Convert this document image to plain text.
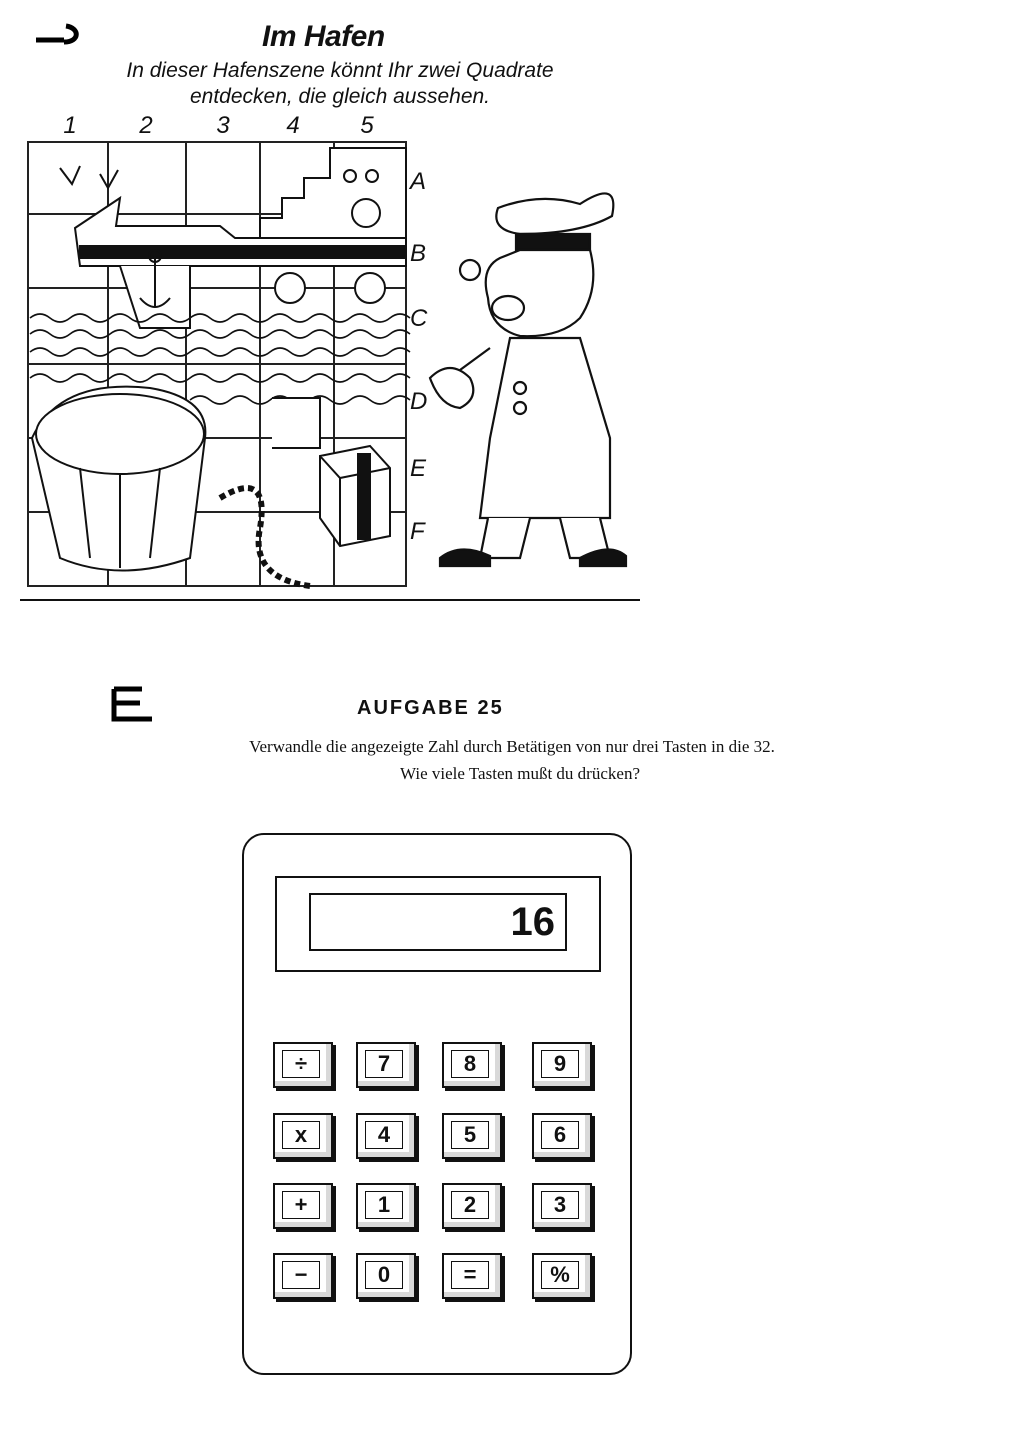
Im Hafen
In dieser Hafenszene könnt Ihr zwei Quadrate
entdecken, die gleich aussehen.
1	2	3	4	5
A
B
C
D
E
F
AUFGABE 25
Verwandle die angezeigte Zahl durch Betätigen von nur drei Tasten in die 32.
Wie viele Tasten mußt du drücken?
16
÷	7	8	9
x	4	5	6
+	1	2	3
−	0	=	%
